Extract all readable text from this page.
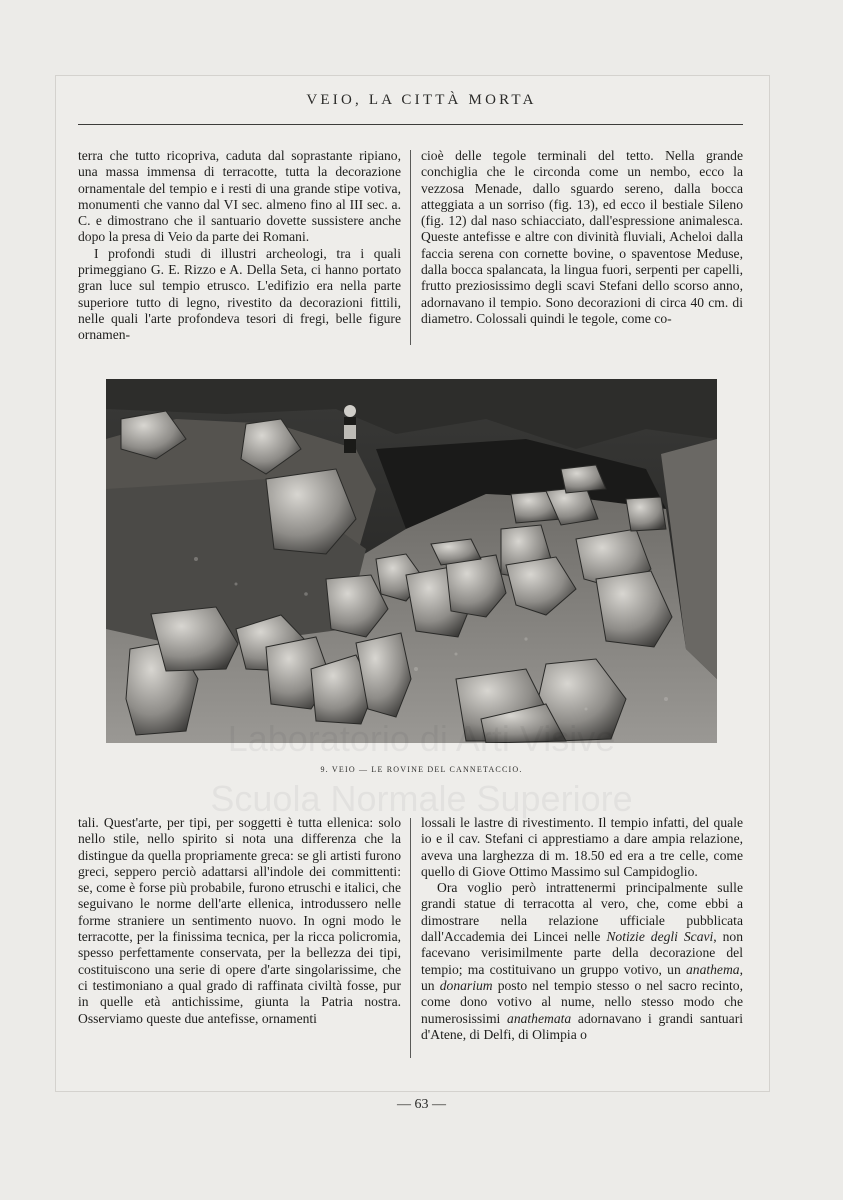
VEIO, LA CITTÀ MORTA

terra che tutto ricopriva, caduta dal soprastante ripiano, una massa immensa di terracotte, tutta la decorazione ornamentale del tempio e i resti di una grande stipe votiva, monumenti che vanno dal VI sec. almeno fino al III sec. a. C. e dimostrano che il santuario dovette sussistere anche dopo la presa di Veio da parte dei Romani.

I profondi studi di illustri archeologi, tra i quali primeggiano G. E. Rizzo e A. Della Seta, ci hanno portato gran luce sul tempio etrusco. L'edifizio era nella parte superiore tutto di legno, rivestito da decorazioni fittili, nelle quali l'arte profondeva tesori di fregi, belle figure ornamen-

cioè delle tegole terminali del tetto. Nella grande conchiglia che le circonda come un nembo, ecco la vezzosa Menade, dallo sguardo sereno, dalla bocca atteggiata a un sorriso (fig. 13), ed ecco il bestiale Sileno (fig. 12) dal naso schiacciato, dall'espressione animalesca. Queste antefisse e altre con divinità fluviali, Acheloi dalla faccia serena con cornette bovine, o spaventose Meduse, dalla bocca spalancata, la lingua fuori, serpenti per capelli, frutto preziosissimo degli scavi Stefani dello scorso anno, adornavano il tempio. Sono decorazioni di circa 40 cm. di diametro. Colossali quindi le tegole, come co-

9. VEIO — LE ROVINE DEL CANNETACCIO.

tali. Quest'arte, per tipi, per soggetti è tutta ellenica: solo nello stile, nello spirito si nota una differenza che la distingue da quella propriamente greca: se gli artisti furono greci, seppero perciò adattarsi all'indole dei committenti: se, come è forse più probabile, furono etruschi e italici, che seguivano le norme dell'arte ellenica, introdussero nelle forme straniere un sentimento nuovo. In ogni modo le terracotte, per la finissima tecnica, per la ricca policromia, spesso perfettamente conservata, per la bellezza dei tipi, costituiscono una serie di opere d'arte singolarissime, che ci testimoniano a qual grado di raffinata civiltà fosse, pur in quelle età antichissime, giunta la Patria nostra. Osserviamo queste due antefisse, ornamenti

lossali le lastre di rivestimento. Il tempio infatti, del quale io e il cav. Stefani ci apprestiamo a dare ampia relazione, aveva una larghezza di m. 18.50 ed era a tre celle, come quello di Giove Ottimo Massimo sul Campidoglio.

Ora voglio però intrattenermi principalmente sulle grandi statue di terracotta al vero, che, come ebbi a dimostrare nella relazione ufficiale pubblicata dall'Accademia dei Lincei nelle Notizie degli Scavi, non facevano verisimilmente parte della decorazione del tempio; ma costituivano un gruppo votivo, un anathema, un donarium posto nel tempio stesso o nel sacro recinto, come dono votivo al nume, nello stesso modo che numerosissimi anathemata adornavano i grandi santuari d'Atene, di Delfi, di Olimpia o

— 63 —
